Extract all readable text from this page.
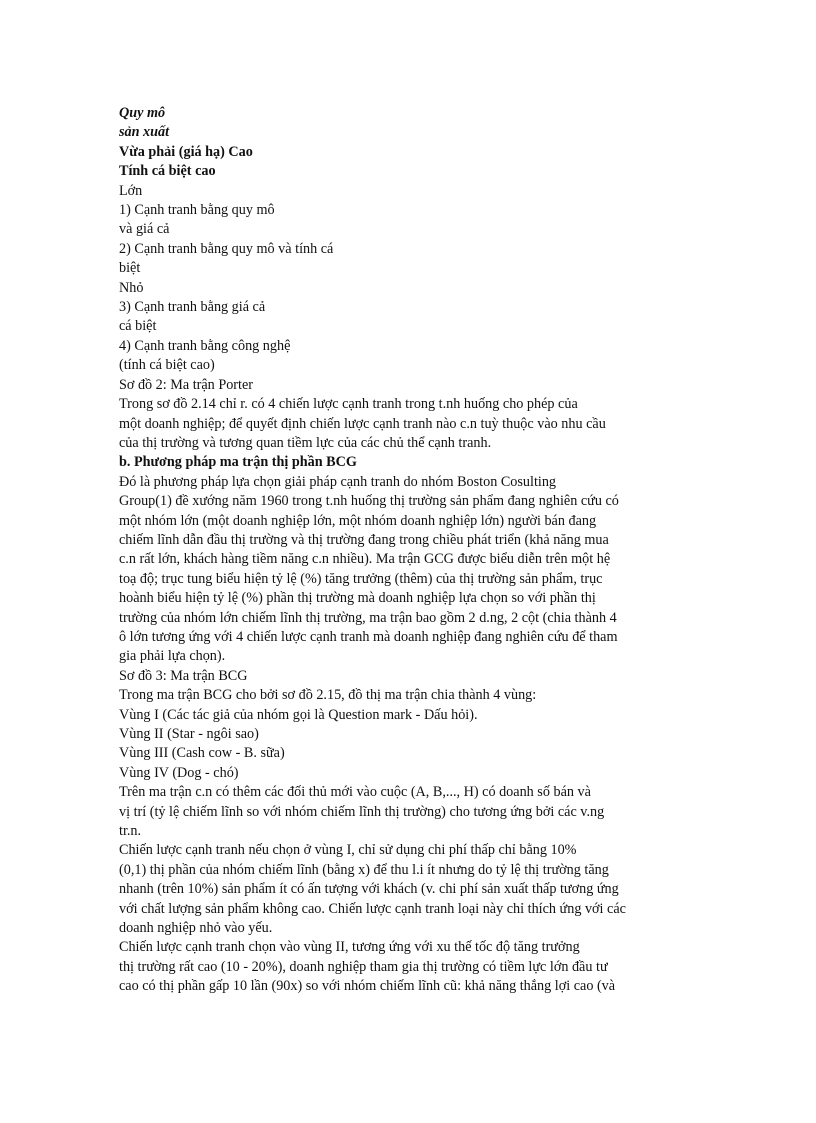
Quy mô
sản xuất
Vừa phải (giá hạ) Cao
Tính cá biệt cao
Lớn
1) Cạnh tranh bằng quy mô
và giá cả
2) Cạnh tranh bằng quy mô và tính cá
biệt
Nhỏ
3) Cạnh tranh bằng giá cả
cá biệt
4) Cạnh tranh bằng công nghệ
(tính cá biệt cao)
Sơ đồ 2: Ma trận Porter
Trong sơ đồ 2.14 chỉ r. có 4 chiến lược cạnh tranh trong t.nh huống cho phép của
một doanh nghiệp; để quyết định chiến lược cạnh tranh nào c.n tuỳ thuộc vào nhu cầu
của thị trường và tương quan tiềm lực của các chủ thể cạnh tranh.
b. Phương pháp ma trận thị phần BCG
Đó là phương pháp lựa chọn giải pháp cạnh tranh do nhóm Boston Cosulting
Group(1) đề xướng năm 1960 trong t.nh huống thị trường sản phẩm đang nghiên cứu có
một nhóm lớn (một doanh nghiệp lớn, một nhóm doanh nghiệp lớn) người bán đang
chiếm lĩnh dẫn đầu thị trường và thị trường đang trong chiều phát triển (khả năng mua
c.n rất lớn, khách hàng tiềm năng c.n nhiều). Ma trận GCG được biểu diễn trên một hệ
toạ độ; trục tung biểu hiện tỷ lệ (%) tăng trưởng (thêm) của thị trường sản phẩm, trục
hoành biểu hiện tỷ lệ (%) phần thị trường mà doanh nghiệp lựa chọn so với phần thị
trường của nhóm lớn chiếm lĩnh thị trường, ma trận bao gồm 2 d.ng, 2 cột (chia thành 4
ô lớn tương ứng với 4 chiến lược cạnh tranh mà doanh nghiệp đang nghiên cứu để tham
gia phải lựa chọn).
Sơ đồ 3: Ma trận BCG
Trong ma trận BCG cho bởi sơ đồ 2.15, đồ thị ma trận chia thành 4 vùng:
Vùng I (Các tác giả của nhóm gọi là Question mark - Dấu hỏi).
Vùng II (Star - ngôi sao)
Vùng III (Cash cow - B. sữa)
Vùng IV (Dog - chó)
Trên ma trận c.n có thêm các đối thủ mới vào cuộc (A, B,..., H) có doanh số bán và
vị trí (tỷ lệ chiếm lĩnh so với nhóm chiếm lĩnh thị trường) cho tương ứng bởi các v.ng
tr.n.
Chiến lược cạnh tranh nếu chọn ở vùng I, chỉ sử dụng chi phí thấp chỉ bằng 10%
(0,1) thị phần của nhóm chiếm lĩnh (bằng x) để thu l.i ít nhưng do tỷ lệ thị trường tăng
nhanh (trên 10%) sản phẩm ít có ấn tượng với khách (v. chi phí sản xuất thấp tương ứng
với chất lượng sản phẩm không cao. Chiến lược cạnh tranh loại này chỉ thích ứng với các
doanh nghiệp nhỏ vào yếu.
Chiến lược cạnh tranh chọn vào vùng II, tương ứng với xu thế tốc độ tăng trưởng
thị trường rất cao (10 - 20%), doanh nghiệp tham gia thị trường có tiềm lực lớn đầu tư
cao có thị phần gấp 10 lần (90x) so với nhóm chiếm lĩnh cũ: khả năng thắng lợi cao (và
